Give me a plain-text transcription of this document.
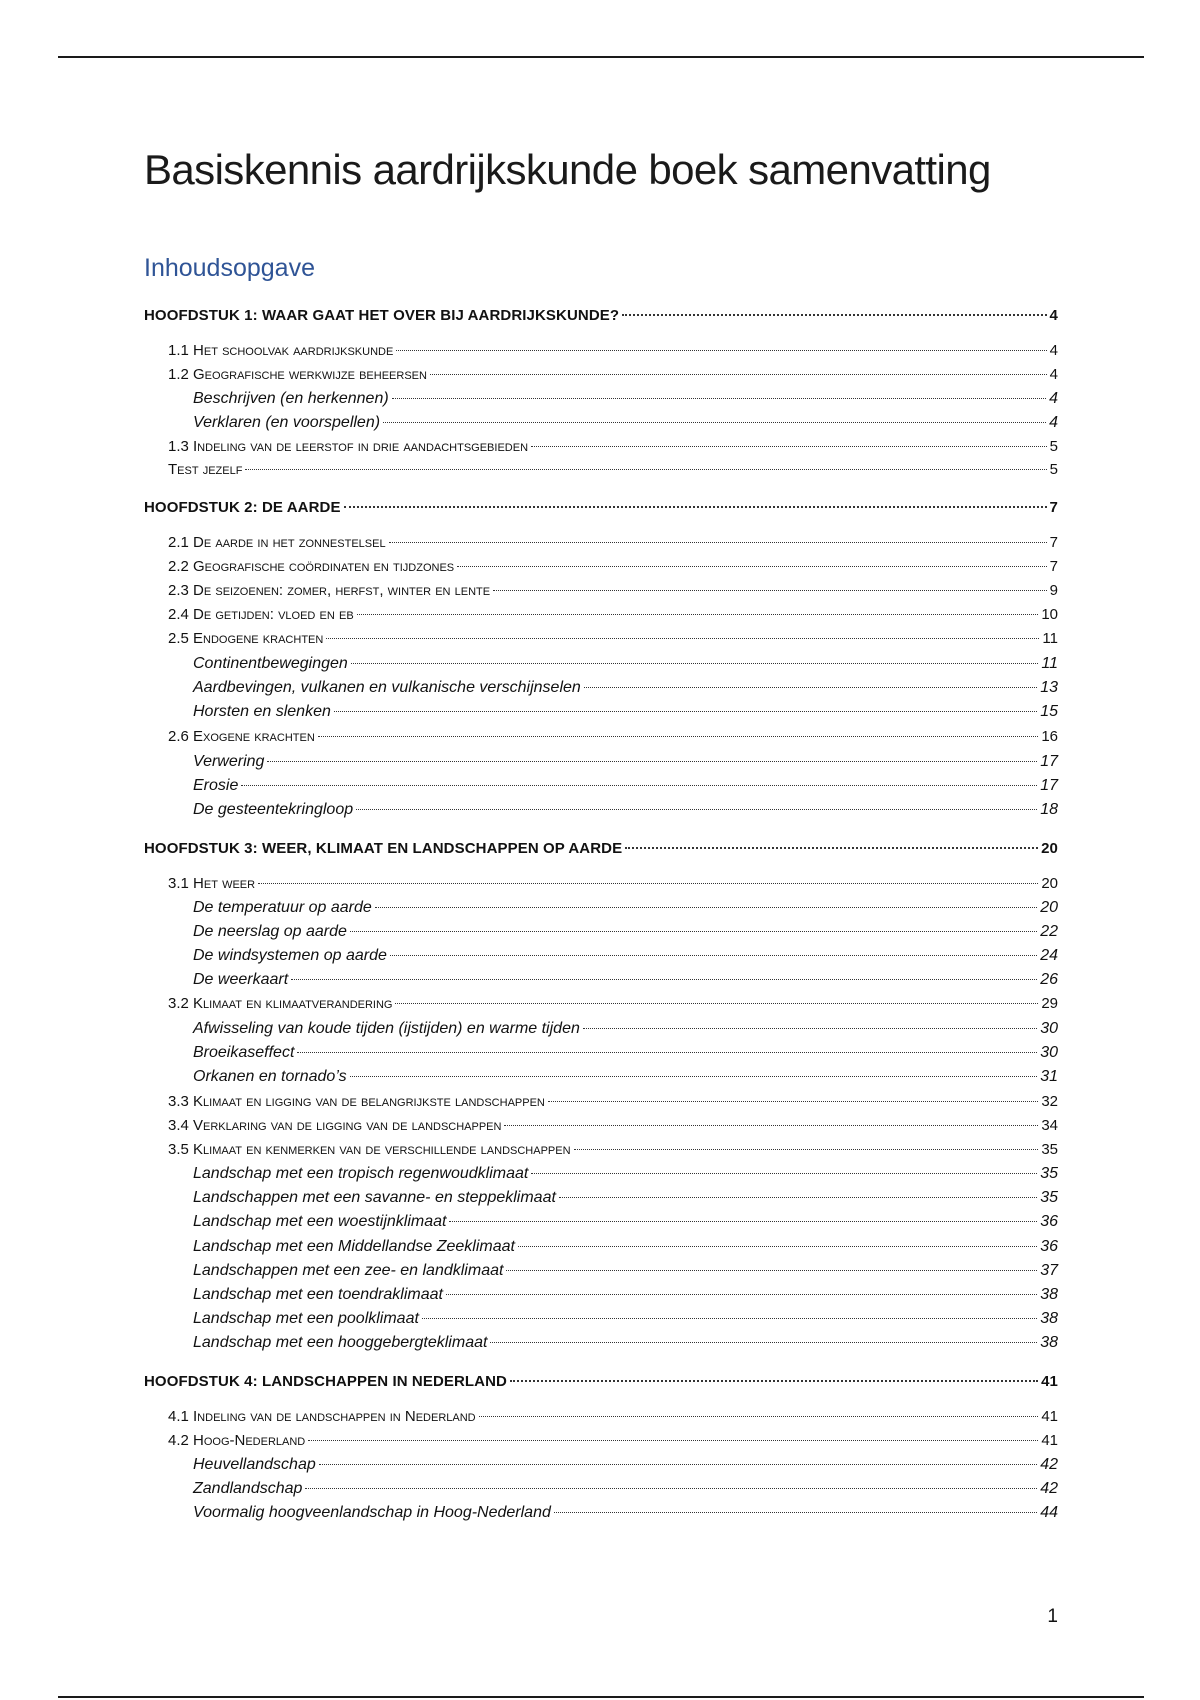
Basiskennis aardrijkskunde boek samenvatting
Inhoudsopgave
HOOFDSTUK 1: WAAR GAAT HET OVER BIJ AARDRIJKSKUNDE?	4
1.1 Het schoolvak aardrijkskunde	4
1.2 Geografische werkwijze beheersen	4
Beschrijven (en herkennen)	4
Verklaren (en voorspellen)	4
1.3 Indeling van de leerstof in drie aandachtsgebieden	5
Test jezelf	5
HOOFDSTUK 2: DE AARDE	7
2.1 De aarde in het zonnestelsel	7
2.2 Geografische coördinaten en tijdzones	7
2.3 De seizoenen: zomer, herfst, winter en lente	9
2.4 De getijden: vloed en eb	10
2.5 Endogene krachten	11
Continentbewegingen	11
Aardbevingen, vulkanen en vulkanische verschijnselen	13
Horsten en slenken	15
2.6 Exogene krachten	16
Verwering	17
Erosie	17
De gesteentekringloop	18
HOOFDSTUK 3: WEER, KLIMAAT EN LANDSCHAPPEN OP AARDE	20
3.1 Het weer	20
De temperatuur op aarde	20
De neerslag op aarde	22
De windsystemen op aarde	24
De weerkaart	26
3.2 Klimaat en klimaatverandering	29
Afwisseling van koude tijden (ijstijden) en warme tijden	30
Broeikaseffect	30
Orkanen en tornado’s	31
3.3 Klimaat en ligging van de belangrijkste landschappen	32
3.4 Verklaring van de ligging van de landschappen	34
3.5 Klimaat en kenmerken van de verschillende landschappen	35
Landschap met een tropisch regenwoudklimaat	35
Landschappen met een savanne- en steppeklimaat	35
Landschap met een woestijnklimaat	36
Landschap met een Middellandse Zeeklimaat	36
Landschappen met een zee- en landklimaat	37
Landschap met een toendraklimaat	38
Landschap met een poolklimaat	38
Landschap met een hooggebergteklimaat	38
HOOFDSTUK 4: LANDSCHAPPEN IN NEDERLAND	41
4.1 Indeling van de landschappen in Nederland	41
4.2 Hoog-Nederland	41
Heuvellandschap	42
Zandlandschap	42
Voormalig hoogveenlandschap in Hoog-Nederland	44
1
